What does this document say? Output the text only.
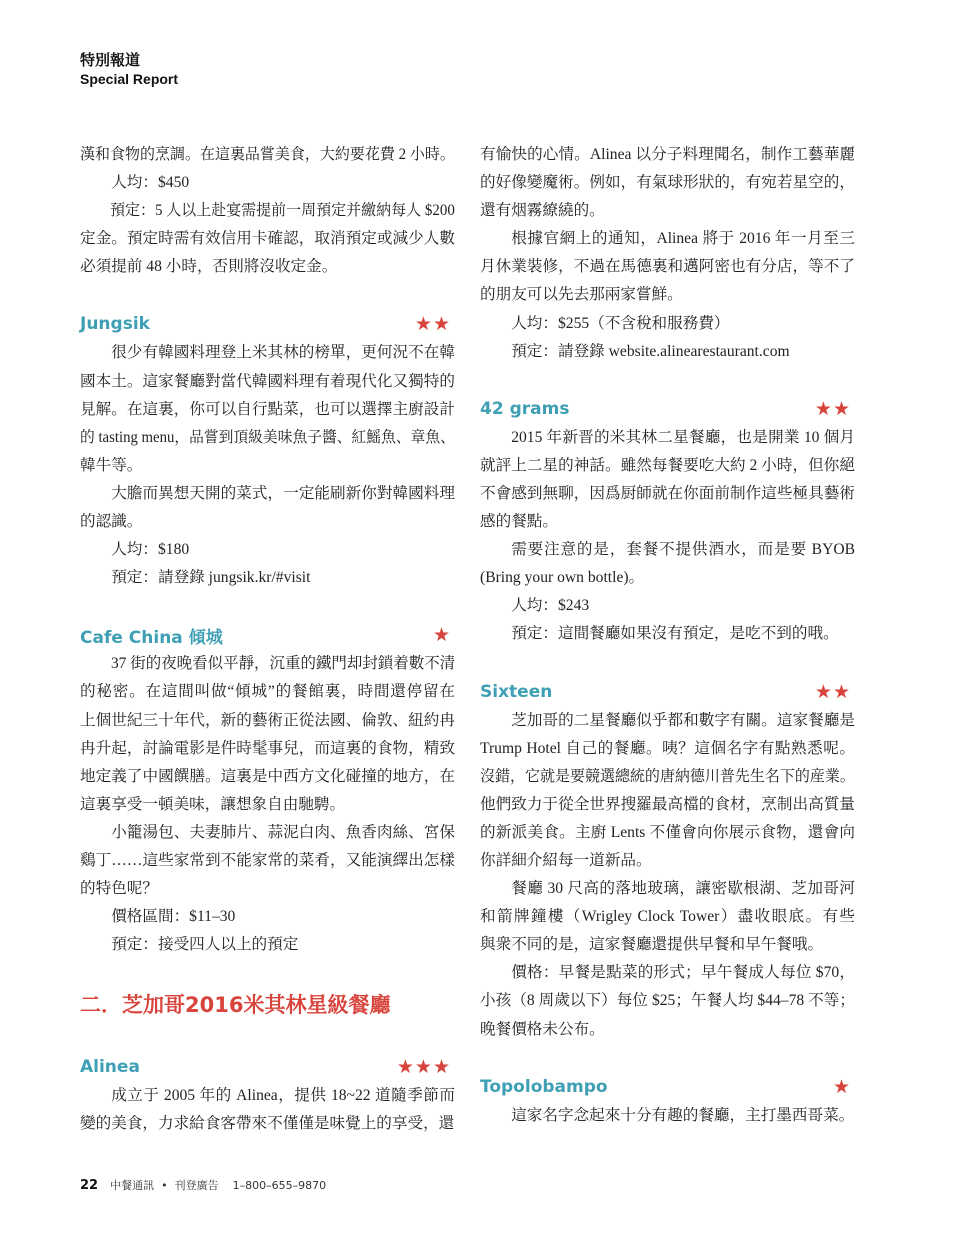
特別報道
Special Report

漢和食物的烹調。在這裏品嘗美食，大約要花費 2 小時。

人均：$450

預定：5 人以上赴宴需提前一周預定并繳納每人 $200
定金。預定時需有效信用卡確認，取消預定或減少人數
必須提前 48 小時，否則將沒收定金。

Jungsik	★★

很少有韓國料理登上米其林的榜單，更何況不在韓
國本土。這家餐廳對當代韓國料理有着現代化又獨特的
見解。在這裏，你可以自行點菜，也可以選擇主廚設計
的 tasting menu，品嘗到頂級美味魚子醬、紅鰩魚、章魚、
韓牛等。

大膽而異想天開的菜式，一定能刷新你對韓國料理
的認識。

人均：$180

預定：請登錄 jungsik.kr/#visit

Cafe China 傾城	★

37 街的夜晚看似平靜，沉重的鐵門却封鎖着數不清
的秘密。在這間叫做“傾城”的餐館裏，時間還停留在
上個世紀三十年代，新的藝術正從法國、倫敦、紐約冉
冉升起，討論電影是件時髦事兒，而這裏的食物，精致
地定義了中國饌膳。這裏是中西方文化碰撞的地方，在
這裏享受一頓美味，讓想象自由馳騁。

小籠湯包、夫妻肺片、蒜泥白肉、魚香肉絲、宮保
鷄丁……這些家常到不能家常的菜肴，又能演繹出怎樣
的特色呢？

價格區間：$11–30

預定：接受四人以上的預定

二．芝加哥2016米其林星級餐廳
Alinea	★★★

成立于 2005 年的 Alinea，提供 18~22 道隨季節而
變的美食，力求給食客帶來不僅僅是味覺上的享受，還

有愉快的心情。Alinea 以分子料理聞名，制作工藝華麗
的好像變魔術。例如，有氣球形狀的，有宛若星空的，
還有烟霧繚繞的。

根據官網上的通知，Alinea 將于 2016 年一月至三
月休業裝修，不過在馬德裏和邁阿密也有分店，等不了
的朋友可以先去那兩家嘗鮮。

人均：$255（不含稅和服務費）

預定：請登錄 website.alinearestaurant.com

42 grams	★★

2015 年新晋的米其林二星餐廳，也是開業 10 個月
就評上二星的神話。雖然每餐要吃大約 2 小時，但你絕
不會感到無聊，因爲厨師就在你面前制作這些極具藝術
感的餐點。

需要注意的是，套餐不提供酒水，而是要 BYOB
(Bring your own bottle)。

人均：$243

預定：這間餐廳如果沒有預定，是吃不到的哦。

Sixteen	★★

芝加哥的二星餐廳似乎都和數字有關。這家餐廳是
Trump Hotel 自己的餐廳。咦？這個名字有點熟悉呢。
沒錯，它就是要競選總統的唐納德川普先生名下的産業。
他們致力于從全世界搜羅最高檔的食材，烹制出高質量
的新派美食。主廚 Lents 不僅會向你展示食物，還會向
你詳細介紹每一道新品。

餐廳 30 尺高的落地玻璃，讓密歇根湖、芝加哥河
和箭牌鐘樓（Wrigley Clock Tower）盡收眼底。有些
與衆不同的是，這家餐廳還提供早餐和早午餐哦。

價格：早餐是點菜的形式；早午餐成人每位 $70，
小孩（8 周歲以下）每位 $25；午餐人均 $44–78 不等；
晚餐價格未公布。

Topolobampo	★

這家名字念起來十分有趣的餐廳，主打墨西哥菜。

22 中餐通訊 • 刊登廣告 1–800–655–9870
